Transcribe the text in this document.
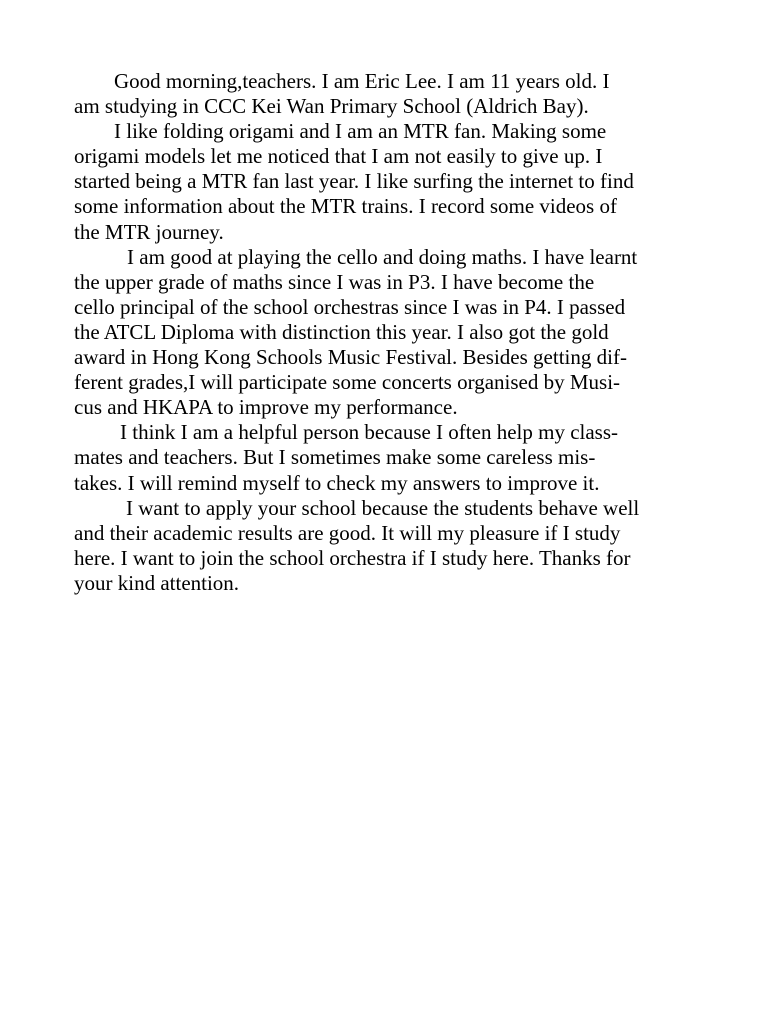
Good morning,teachers. I am Eric Lee. I am 11 years old. I
am studying in CCC Kei Wan Primary School (Aldrich Bay).
I like folding origami and I am an MTR fan. Making some
origami models let me noticed that I am not easily to give up. I
started being a MTR fan last year. I like surfing the internet to find
some information about the MTR trains. I record some videos of
the MTR journey.
I am good at playing the cello and doing maths. I have learnt
the upper grade of maths since I was in P3. I have become the
cello principal of the school orchestras since I was in P4. I passed
the ATCL Diploma with distinction this year. I also got the gold
award in Hong Kong Schools Music Festival. Besides getting dif-
ferent grades,I will participate some concerts organised by Musi-
cus and HKAPA to improve my performance.
I think I am a helpful person because I often help my class-
mates and teachers. But I sometimes make some careless mis-
takes. I will remind myself to check my answers to improve it.
I want to apply your school because the students behave well
and their academic results are good. It will my pleasure if I study
here. I want to join the school orchestra if I study here. Thanks for
your kind attention.
